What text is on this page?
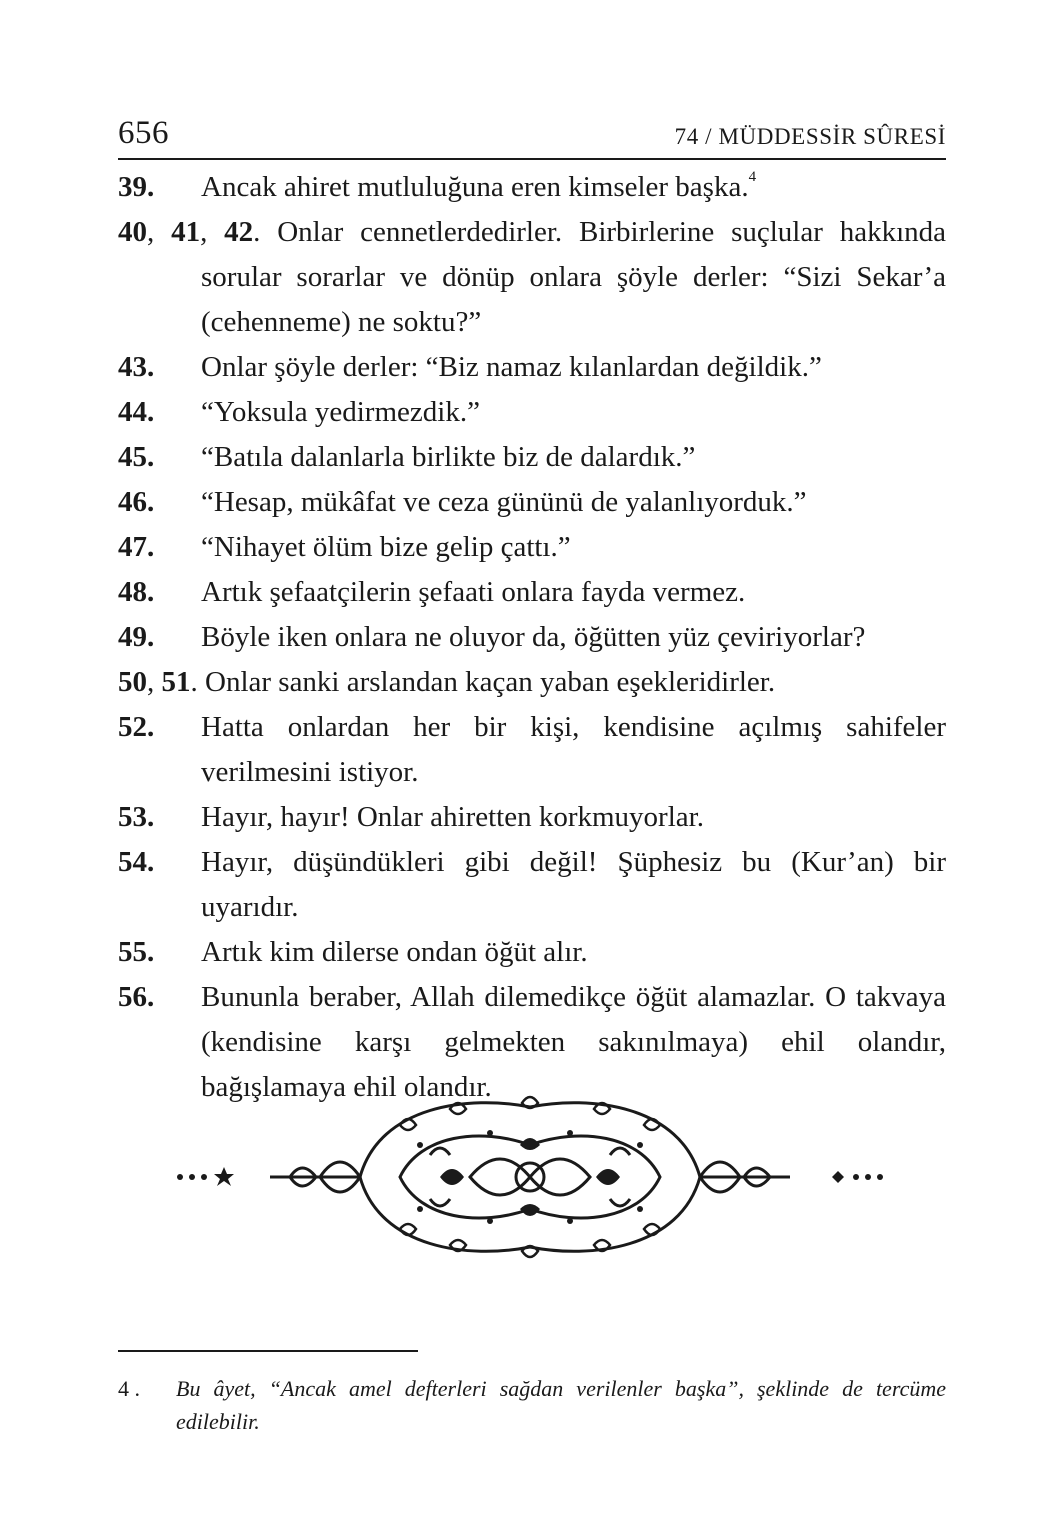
656	74 / MÜDDESSİR SÛRESİ
39. Ancak ahiret mutluluğuna eren kimseler başka.$^4$
40, 41, 42. Onlar cennetlerdedirler. Birbirlerine suçlular hakkında sorular sorarlar ve dönüp onlara şöyle derler: “Sizi Sekar’a (cehenneme) ne soktu?”
43. Onlar şöyle derler: “Biz namaz kılanlardan değildik.”
44. “Yoksula yedirmezdik.”
45. “Batıla dalanlarla birlikte biz de dalardık.”
46. “Hesap, mükâfat ve ceza gününü de yalanlıyorduk.”
47. “Nihayet ölüm bize gelip çattı.”
48. Artık şefaatçilerin şefaati onlara fayda vermez.
49. Böyle iken onlara ne oluyor da, öğütten yüz çeviriyorlar?
50, 51. Onlar sanki arslandan kaçan yaban eşekleridirler.
52. Hatta onlardan her bir kişi, kendisine açılmış sahifeler verilmesini istiyor.
53. Hayır, hayır! Onlar ahiretten korkmuyorlar.
54. Hayır, düşündükleri gibi değil! Şüphesiz bu (Kur’an) bir uyarıdır.
55. Artık kim dilerse ondan öğüt alır.
56. Bununla beraber, Allah dilemedikçe öğüt alamazlar. O takvaya (kendisine karşı gelmekten sakınılmaya) ehil olandır, bağışlamaya ehil olandır.
4 . Bu âyet, “Ancak amel defterleri sağdan verilenler başka”, şeklinde de tercüme edilebilir.
